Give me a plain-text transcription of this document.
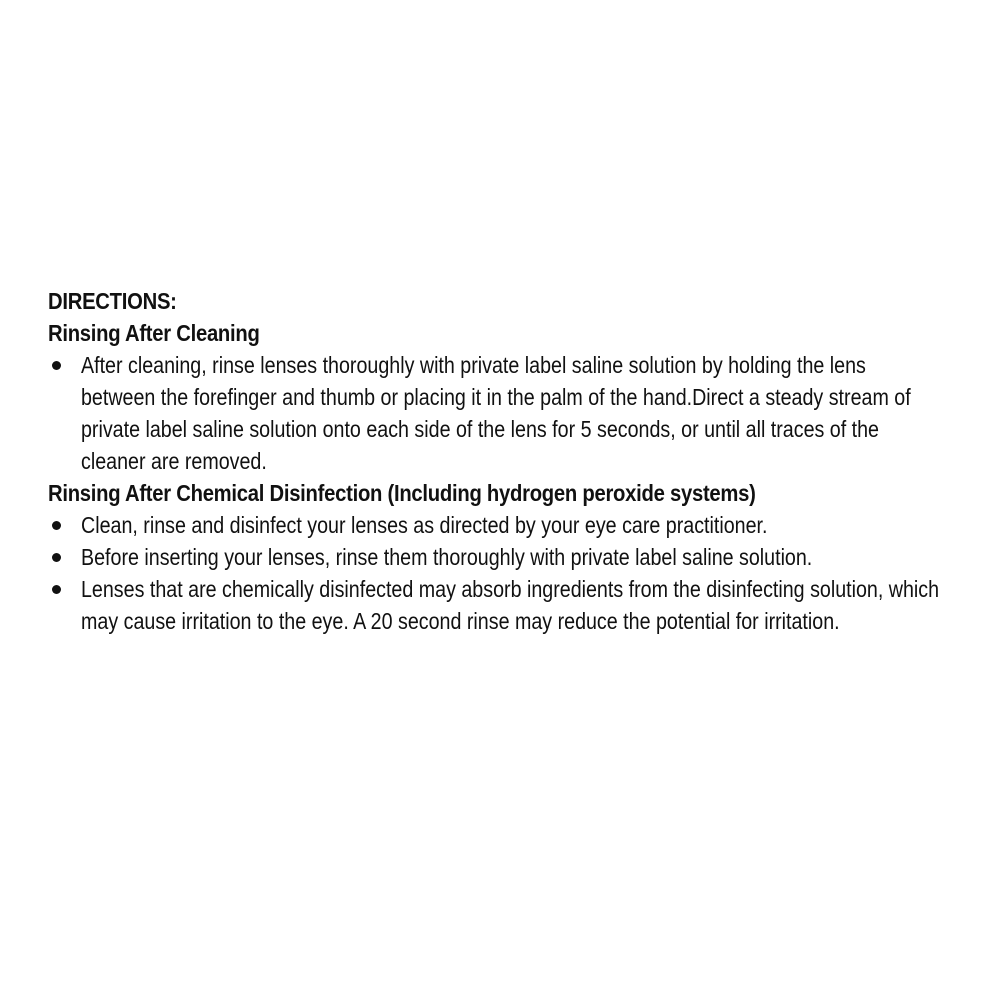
DIRECTIONS:
Rinsing After Cleaning
After cleaning, rinse lenses thoroughly with private label saline solution by holding the lens between the forefinger and thumb or placing it in the palm of the hand.Direct a steady stream of private label saline solution onto each side of the lens for 5 seconds, or until all traces of the cleaner are removed.
Rinsing After Chemical Disinfection (Including hydrogen peroxide systems)
Clean, rinse and disinfect your lenses as directed by your eye care practitioner.
Before inserting your lenses, rinse them thoroughly with private label saline solution.
Lenses that are chemically disinfected may absorb ingredients from the disinfecting solution, which may cause irritation to the eye. A 20 second rinse may reduce the potential for irritation.
